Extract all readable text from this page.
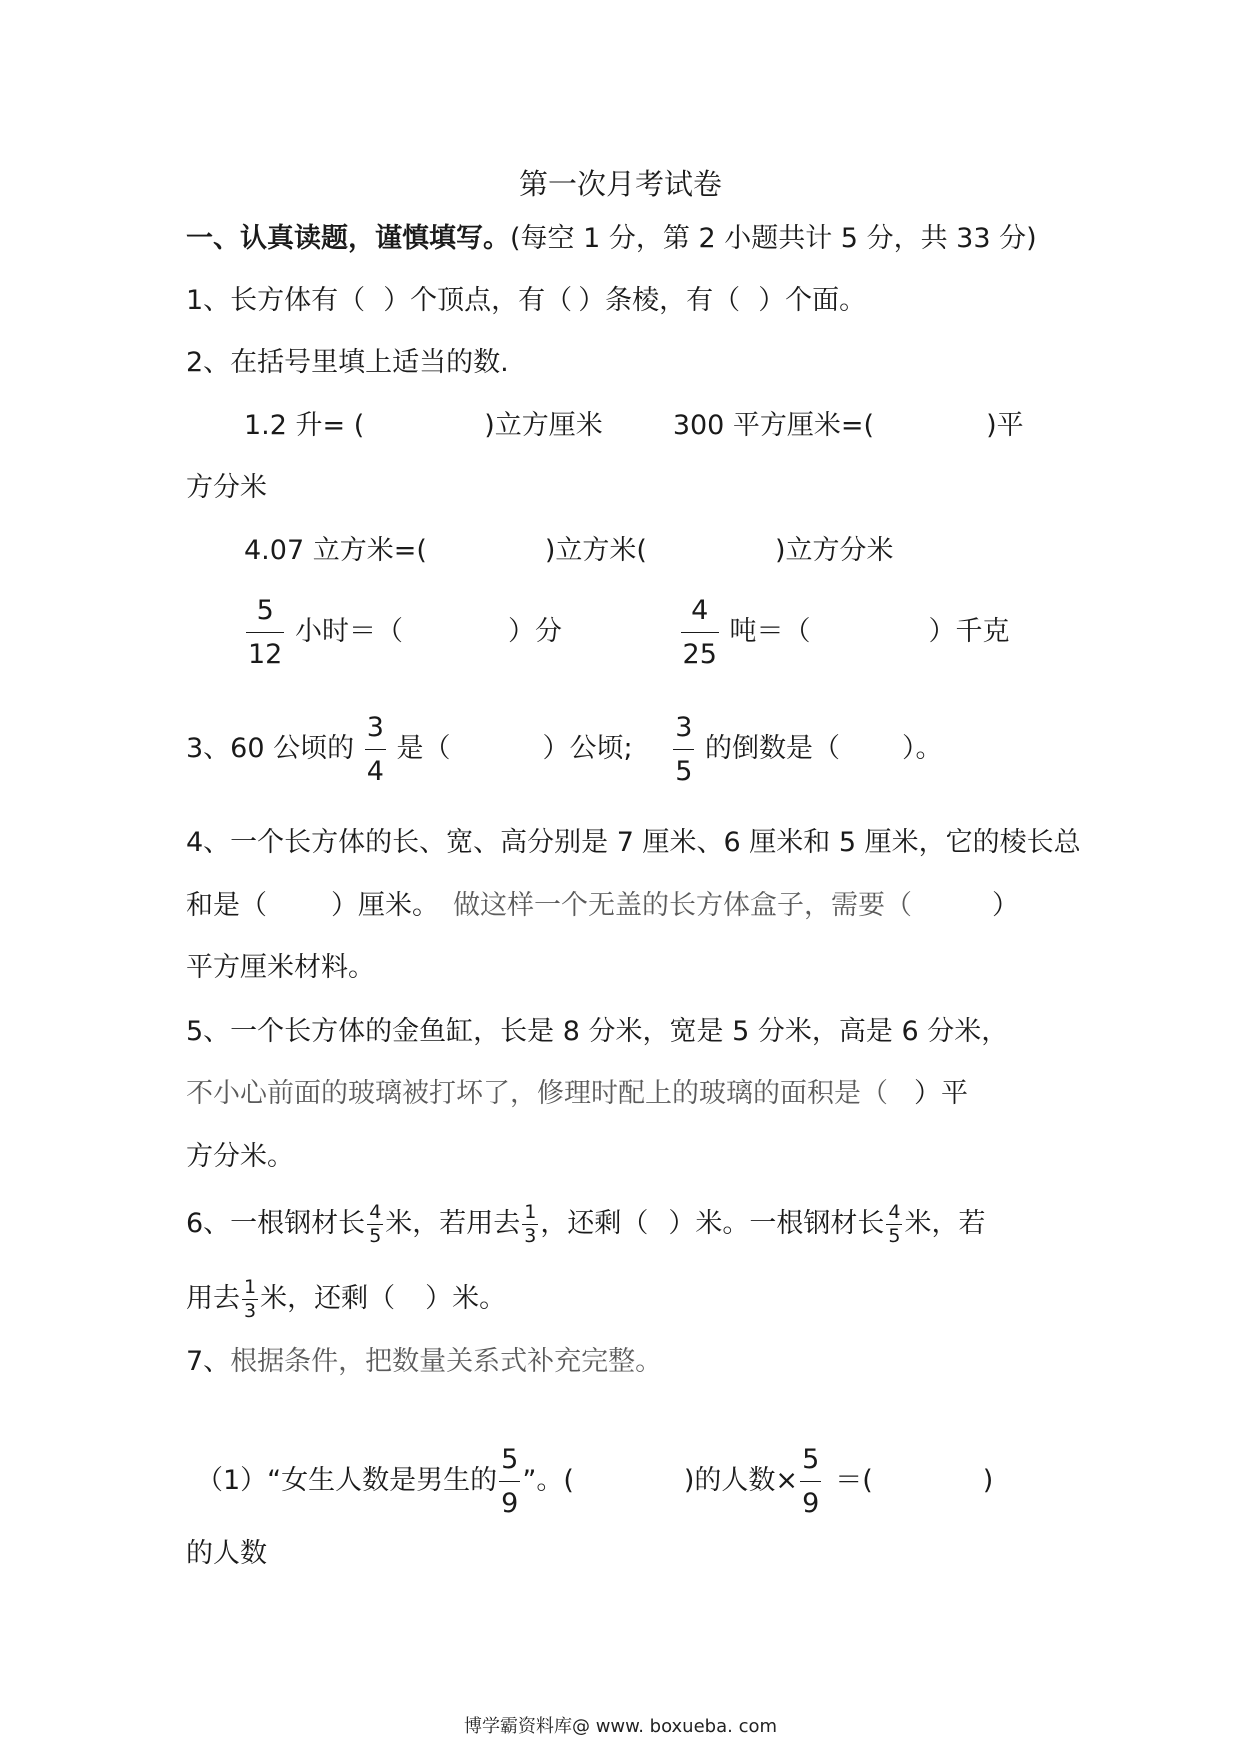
第一次月考试卷
一、认真读题，谨慎填写。(每空 1 分，第 2 小题共计 5 分，共 33 分)
1、长方体有（ ）个顶点，有（ ）条棱，有（ ）个面。
2、在括号里填上适当的数.
1.2 升= (	)立方厘米	300 平方厘米=(	)平
方分米
4.07 立方米=(	)立方米(	)立方分米
$\frac{5}{12}$ 小时＝（	）分	$\frac{4}{25}$ 吨＝（	）千克
3、60 公顷的 $\frac{3}{4}$ 是（	）公顷; $\frac{3}{5}$ 的倒数是（ ）。
4、一个长方体的长、宽、高分别是 7 厘米、6 厘米和 5 厘米，它的棱长总
和是（ ）厘米。 做这样一个无盖的长方体盒子，需要（	）
平方厘米材料。
5、一个长方体的金鱼缸，长是 8 分米，宽是 5 分米，高是 6 分米，
不小心前面的玻璃被打坏了，修理时配上的玻璃的面积是（ ）平
方分米。
6、一根钢材长 $\frac{4}{5}$ 米，若用去 $\frac{1}{3}$ ，还剩（ ）米。一根钢材长 $\frac{4}{5}$ 米，若
用去 $\frac{1}{3}$ 米，还剩（ ）米。
7、根据条件，把数量关系式补充完整。
（1）“女生人数是男生的 $\frac{5}{9}$ ”。(	)的人数× $\frac{5}{9}$ ＝(	)
的人数
博学霸资料库@ www. boxueba. com
